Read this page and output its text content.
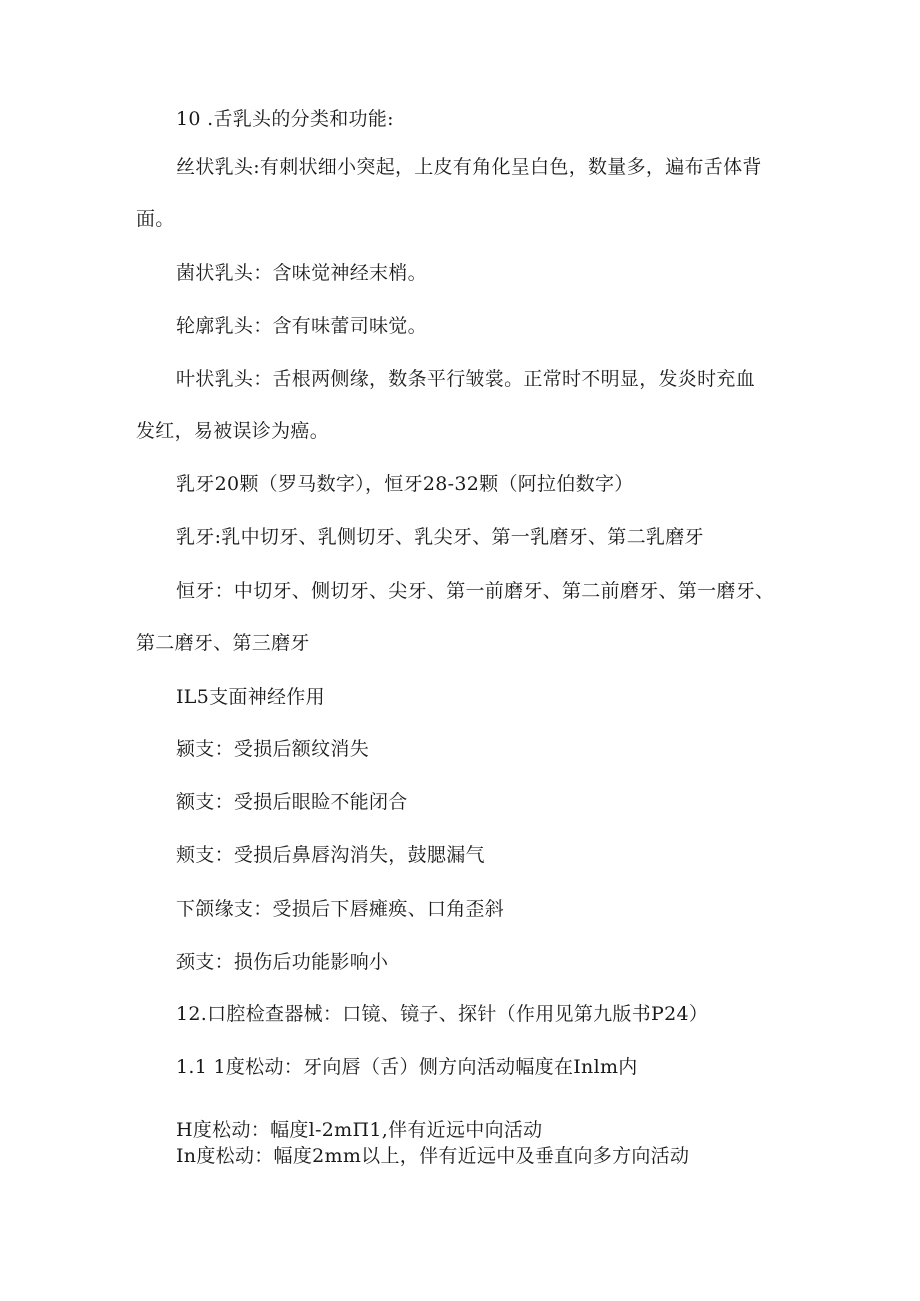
10 .舌乳头的分类和功能:
丝状乳头:有刺状细小突起，上皮有角化呈白色，数量多，遍布舌体背
面。
菌状乳头：含味觉神经末梢。
轮廓乳头：含有味蕾司味觉。
叶状乳头：舌根两侧缘，数条平行皱裳。正常时不明显，发炎时充血
发红，易被误诊为癌。
乳牙20颗（罗马数字），恒牙28-32颗（阿拉伯数字）
乳牙:乳中切牙、乳侧切牙、乳尖牙、第一乳磨牙、第二乳磨牙
恒牙：中切牙、侧切牙、尖牙、第一前磨牙、第二前磨牙、第一磨牙、
第二磨牙、第三磨牙
IL5支面神经作用
颍支：受损后额纹消失
额支：受损后眼睑不能闭合
颊支：受损后鼻唇沟消失，鼓腮漏气
下颌缘支：受损后下唇瘫痪、口角歪斜
颈支：损伤后功能影响小
12.口腔检查器械：口镜、镜子、探针（作用见第九版书P24）
1.1 1度松动：牙向唇（舌）侧方向活动幅度在Inlm内
H度松动：幅度l-2mΠ1,伴有近远中向活动
In度松动：幅度2mm以上，伴有近远中及垂直向多方向活动
